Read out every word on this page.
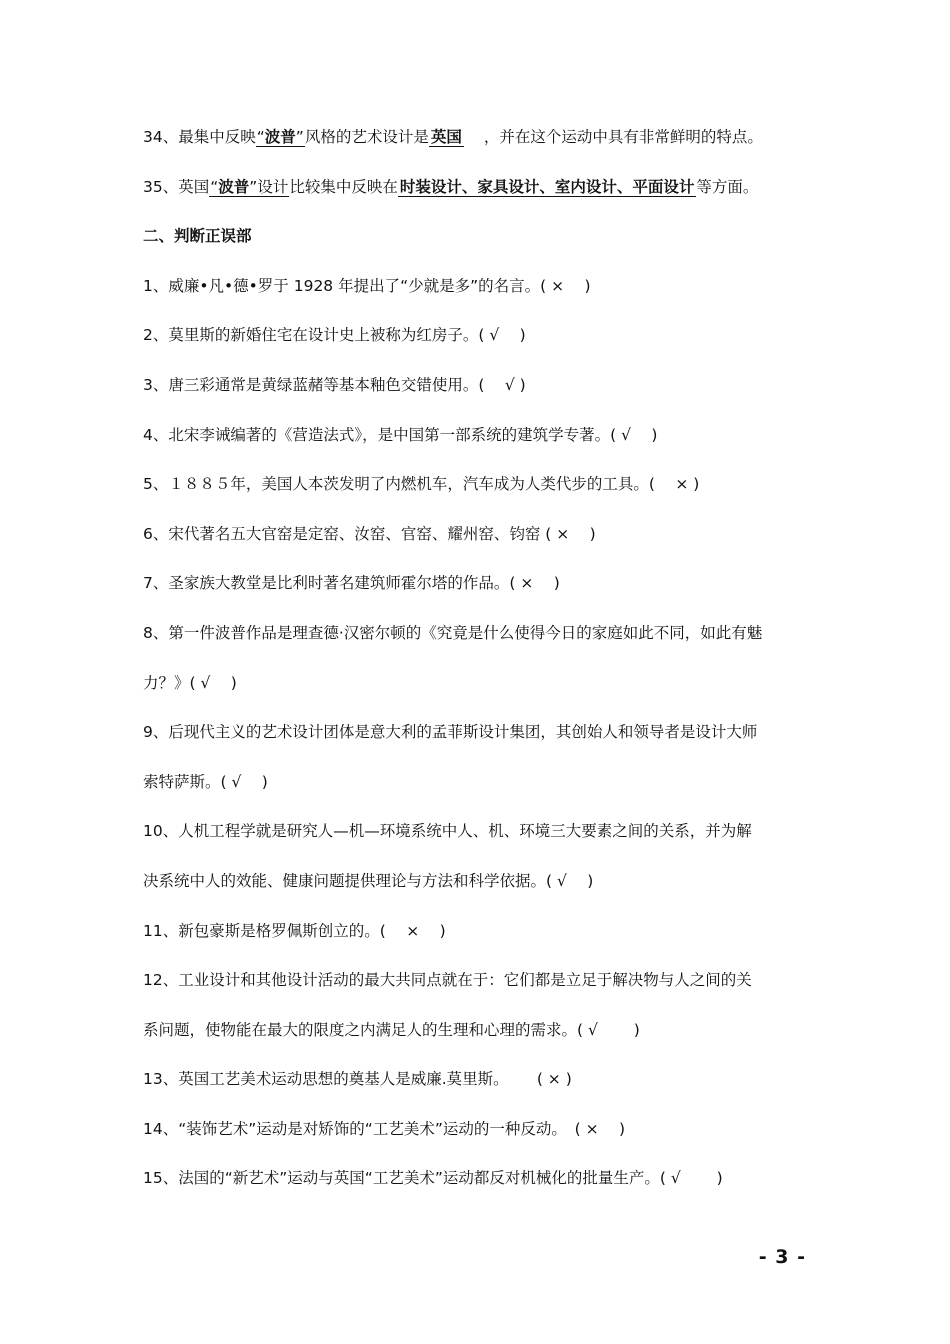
34、最集中反映“波普”风格的艺术设计是 英国 ，并在这个运动中具有非常鲜明的特点。
35、英国“波普”设计比较集中反映在 时装设计、家具设计、室内设计、平面设计 等方面。
二、判断正误部
1、威廉•凡•德•罗于 1928 年提出了“少就是多”的名言。( ×　 )
2、莫里斯的新婚住宅在设计史上被称为红房子。( √　 )
3、唐三彩通常是黄绿蓝赭等基本釉色交错使用。(　 √ )
4、北宋李诫编著的《营造法式》，是中国第一部系统的建筑学专著。( √　 )
5、１８８５年，美国人本茨发明了内燃机车，汽车成为人类代步的工具。(　 × )
6、宋代著名五大官窑是定窑、汝窑、官窑、耀州窑、钧窑 ( ×　 )
7、圣家族大教堂是比利时著名建筑师霍尔塔的作品。( ×　 )
8、第一件波普作品是理查德·汉密尔顿的《究竟是什么使得今日的家庭如此不同，如此有魅
力？》( √　 )
9、后现代主义的艺术设计团体是意大利的孟菲斯设计集团，其创始人和领导者是设计大师
索特萨斯。( √　 )
10、人机工程学就是研究人—机—环境系统中人、机、环境三大要素之间的关系，并为解
决系统中人的效能、健康问题提供理论与方法和科学依据。( √　 )
11、新包豪斯是格罗佩斯创立的。(　 ×　 )
12、工业设计和其他设计活动的最大共同点就在于：它们都是立足于解决物与人之间的关
系问题，使物能在最大的限度之内满足人的生理和心理的需求。( √　　 )
13、英国工艺美术运动思想的奠基人是威廉.莫里斯。　　 ( × )
14、“装饰艺术”运动是对矫饰的“工艺美术”运动的一种反动。　( ×　 )
15、法国的“新艺术”运动与英国“工艺美术”运动都反对机械化的批量生产。( √　　 )
- 3 -
